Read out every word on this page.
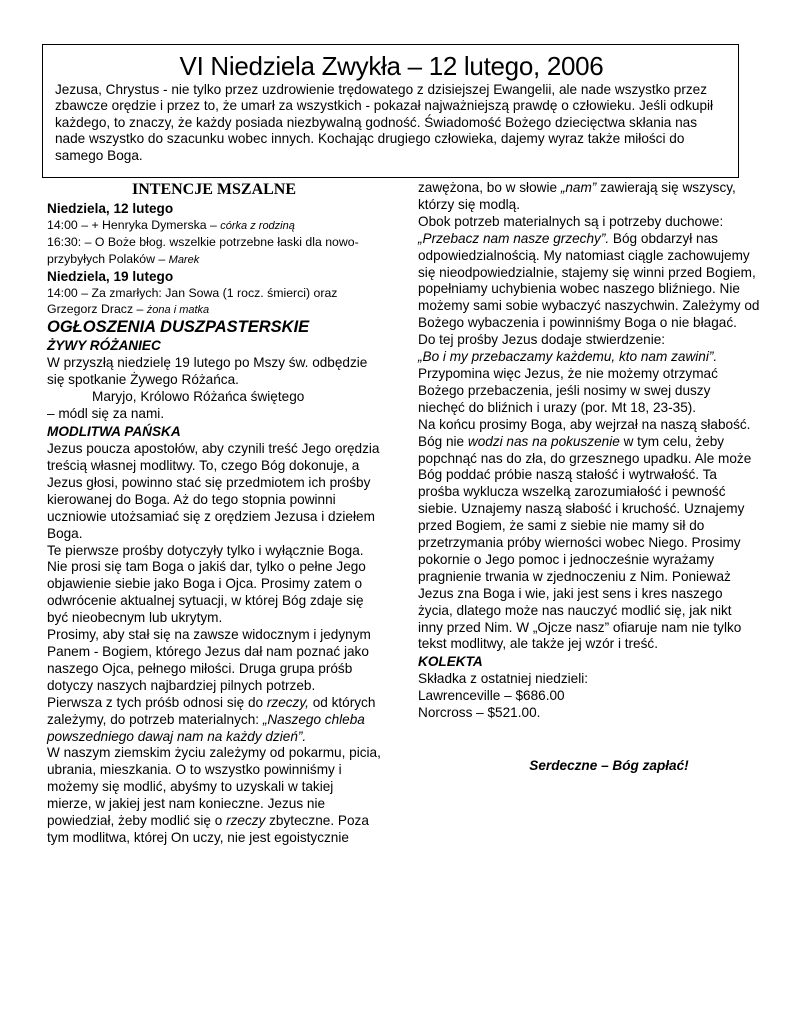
VI Niedziela Zwykła – 12 lutego, 2006
Jezusa, Chrystus - nie tylko przez uzdrowienie trędowatego z dzisiejszej Ewangelii, ale nade wszystko przez zbawcze orędzie i przez to, że umarł za wszystkich - pokazał najważniejszą prawdę o człowieku. Jeśli odkupił każdego, to znaczy, że każdy posiada niezbywalną godność. Świadomość Bożego dziecięctwa skłania nas nade wszystko do szacunku wobec innych. Kochając drugiego człowieka, dajemy wyraz także miłości do samego Boga.
INTENCJE MSZALNE
Niedziela, 12 lutego

14:00 – + Henryka Dymerska – córka z rodziną

16:30: – O Boże błog. wszelkie potrzebne łaski dla nowo-przybyłych Polaków – Marek

Niedziela, 19 lutego

14:00 – Za zmarłych: Jan Sowa (1 rocz. śmierci) oraz Grzegorz Dracz – żona i matka

OGŁOSZENIA DUSZPASTERSKIE
ŻYWY RÓŻANIEC

W przyszłą niedzielę 19 lutego po Mszy św. odbędzie się spotkanie Żywego Różańca.

Maryjo, Królowo Różańca świętego

– módl się za nami.

MODLITWA PAŃSKA

Jezus poucza apostołów, aby czynili treść Jego orędzia treścią własnej modlitwy. To, czego Bóg dokonuje, a Jezus głosi, powinno stać się przedmiotem ich prośby kierowanej do Boga. Aż do tego stopnia powinni uczniowie utożsamiać się z orędziem Jezusa i dziełem Boga.

Te pierwsze prośby dotyczyły tylko i wyłącznie Boga. Nie prosi się tam Boga o jakiś dar, tylko o pełne Jego objawienie siebie jako Boga i Ojca. Prosimy zatem o odwrócenie aktualnej sytuacji, w której Bóg zdaje się być nieobecnym lub ukrytym.

Prosimy, aby stał się na zawsze widocznym i jedynym Panem - Bogiem, którego Jezus dał nam poznać jako naszego Ojca, pełnego miłości. Druga grupa próśb dotyczy naszych najbardziej pilnych potrzeb.

Pierwsza z tych próśb odnosi się do rzeczy, od których zależymy, do potrzeb materialnych: „Naszego chleba powszedniego dawaj nam na każdy dzień”.

W naszym ziemskim życiu zależymy od pokarmu, picia, ubrania, mieszkania. O to wszystko powinniśmy i możemy się modlić, abyśmy to uzyskali w takiej mierze, w jakiej jest nam konieczne. Jezus nie powiedział, żeby modlić się o rzeczy zbyteczne. Poza tym modlitwa, której On uczy, nie jest egoistycznie

zawężona, bo w słowie „nam” zawierają się wszyscy, którzy się modlą.

Obok potrzeb materialnych są i potrzeby duchowe: „Przebacz nam nasze grzechy”. Bóg obdarzył nas odpowiedzialnością. My natomiast ciągle zachowujemy się nieodpowiedzialnie, stajemy się winni przed Bogiem, popełniamy uchybienia wobec naszego bliźniego. Nie możemy sami sobie wybaczyć naszychwin. Zależymy od Bożego wybaczenia i powinniśmy Boga o nie błagać.

Do tej prośby Jezus dodaje stwierdzenie:

„Bo i my przebaczamy każdemu, kto nam zawini”.

Przypomina więc Jezus, że nie możemy otrzymać Bożego przebaczenia, jeśli nosimy w swej duszy niechęć do bliźnich i urazy (por. Mt 18, 23-35).

Na końcu prosimy Boga, aby wejrzał na naszą słabość. Bóg nie wodzi nas na pokuszenie w tym celu, żeby popchnąć nas do zła, do grzesznego upadku. Ale może Bóg poddać próbie naszą stałość i wytrwałość. Ta prośba wyklucza wszelką zarozumiałość i pewność siebie. Uznajemy naszą słabość i kruchość. Uznajemy przed Bogiem, że sami z siebie nie mamy sił do przetrzymania próby wierności wobec Niego. Prosimy pokornie o Jego pomoc i jednocześnie wyrażamy pragnienie trwania w zjednoczeniu z Nim. Ponieważ Jezus zna Boga i wie, jaki jest sens i kres naszego życia, dlatego może nas nauczyć modlić się, jak nikt inny przed Nim. W „Ojcze nasz” ofiaruje nam nie tylko tekst modlitwy, ale także jej wzór i treść.

KOLEKTA

Składka z ostatniej niedzieli:

Lawrenceville – $686.00

Norcross – $521.00.

Serdeczne – Bóg zapłać!
